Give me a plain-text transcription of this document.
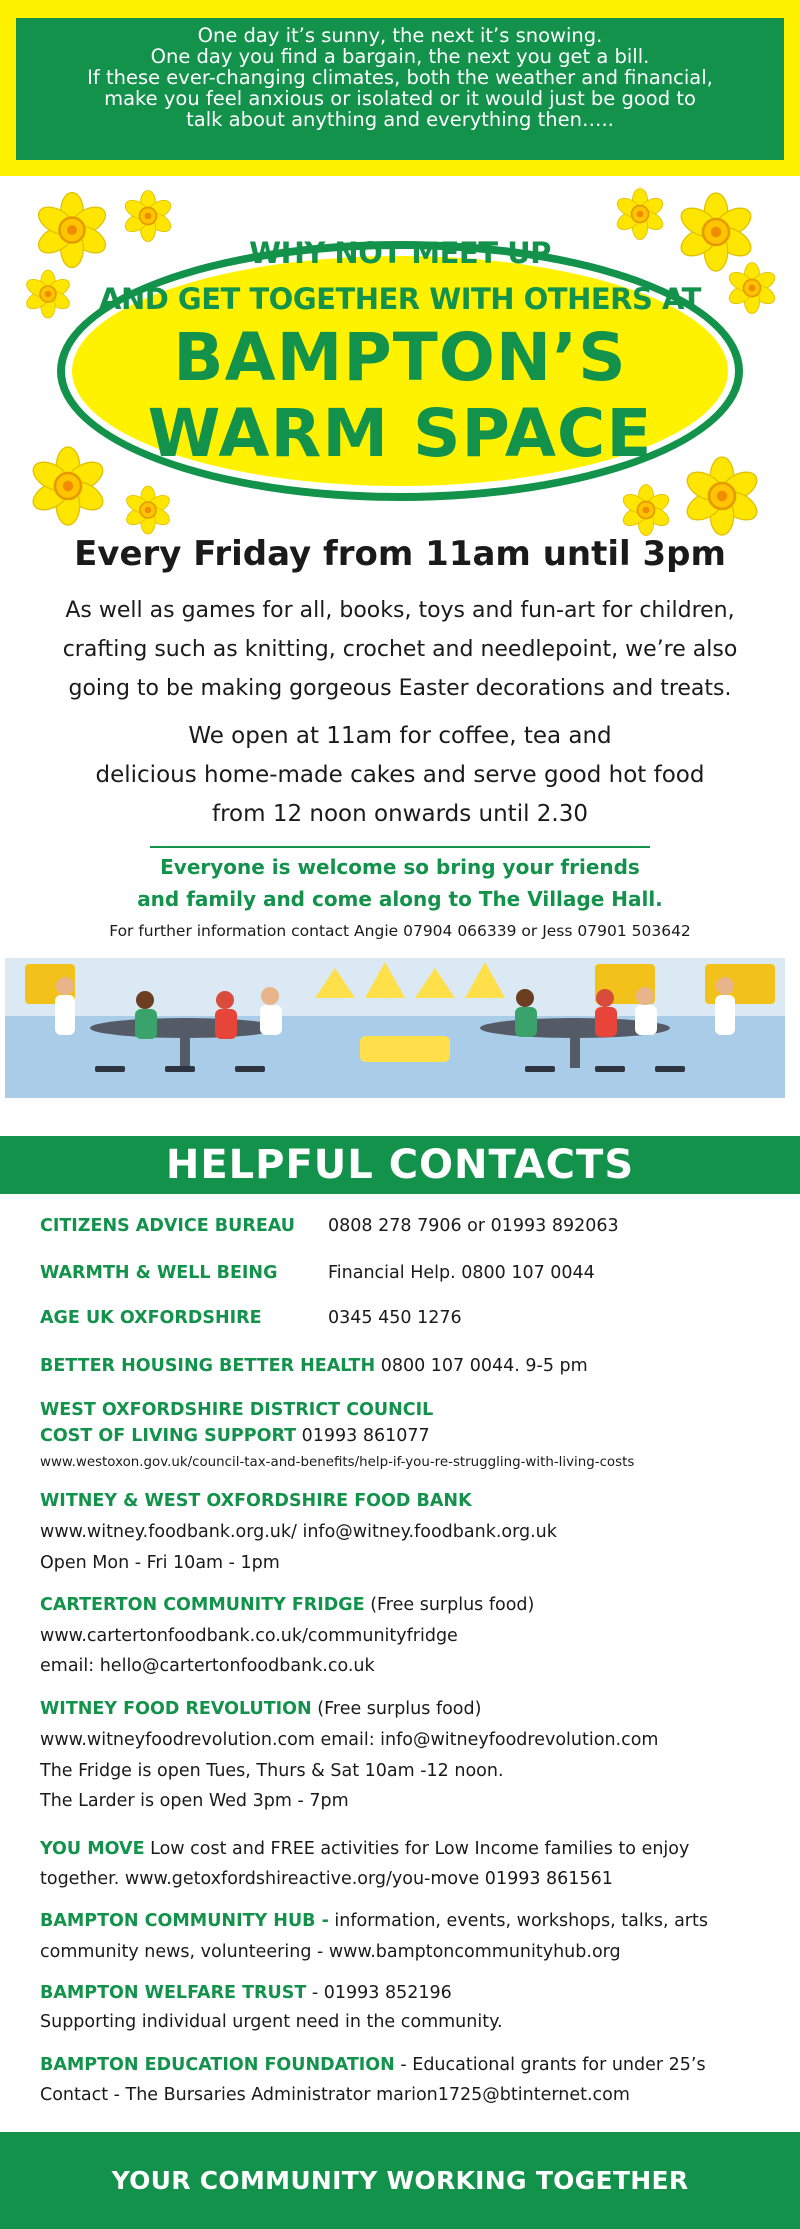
One day it’s sunny, the next it’s snowing.
One day you find a bargain, the next you get a bill.
If these ever-changing climates, both the weather and financial,
make you feel anxious or isolated or it would just be good to
talk about anything and everything then…..
WHY NOT MEET UP
AND GET TOGETHER WITH OTHERS AT
BAMPTON’S
WARM SPACE
Every Friday from 11am until 3pm
As well as games for all, books, toys and fun-art for children,
crafting such as knitting, crochet and needlepoint, we’re also
going to be making gorgeous Easter decorations and treats.
We open at 11am for coffee, tea and
delicious home-made cakes and serve good hot food
from 12 noon onwards until 2.30
Everyone is welcome so bring your friends
and family and come along to The Village Hall.
For further information contact Angie 07904 066339 or Jess 07901 503642
HELPFUL CONTACTS
CITIZENS ADVICE BUREAU 0808 278 7906 or 01993 892063
WARMTH & WELL BEING	Financial Help. 0800 107 0044
AGE UK OXFORDSHIRE	0345 450 1276
BETTER HOUSING BETTER HEALTH 0800 107 0044. 9-5 pm
WEST OXFORDSHIRE DISTRICT COUNCIL
COST OF LIVING SUPPORT 01993 861077
www.westoxon.gov.uk/council-tax-and-benefits/help-if-you-re-struggling-with-living-costs
WITNEY & WEST OXFORDSHIRE FOOD BANK
www.witney.foodbank.org.uk/ info@witney.foodbank.org.uk
Open Mon - Fri 10am - 1pm
CARTERTON COMMUNITY FRIDGE (Free surplus food)
www.cartertonfoodbank.co.uk/communityfridge
email: hello@cartertonfoodbank.co.uk
WITNEY FOOD REVOLUTION (Free surplus food)
www.witneyfoodrevolution.com email: info@witneyfoodrevolution.com
The Fridge is open Tues, Thurs & Sat 10am -12 noon.
The Larder is open Wed 3pm - 7pm
YOU MOVE Low cost and FREE activities for Low Income families to enjoy
together. www.getoxfordshireactive.org/you-move 01993 861561
BAMPTON COMMUNITY HUB - information, events, workshops, talks, arts
community news, volunteering - www.bamptoncommunityhub.org
BAMPTON WELFARE TRUST - 01993 852196
Supporting individual urgent need in the community.
BAMPTON EDUCATION FOUNDATION - Educational grants for under 25’s
Contact - The Bursaries Administrator marion1725@btinternet.com
YOUR COMMUNITY WORKING TOGETHER
